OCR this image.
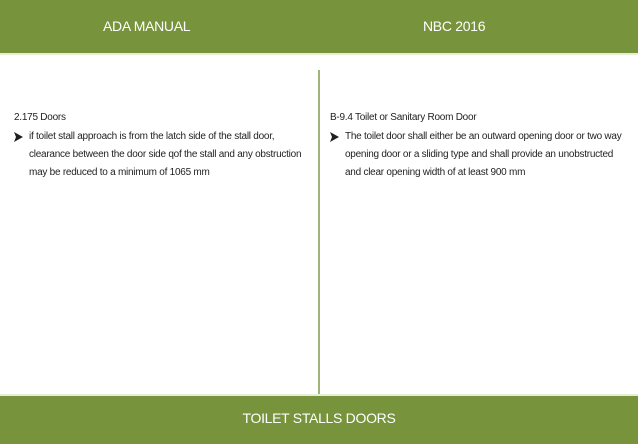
ADA MANUAL	NBC 2016
2.175 Doors
if toilet stall approach is from the latch side of the stall door, clearance between the door side qof the stall and any obstruction may be reduced to a minimum of 1065 mm
B-9.4 Toilet or Sanitary Room Door
The toilet door shall either be an outward opening door or two way opening door or a sliding type and shall provide an unobstructed and clear opening width of at least 900 mm
TOILET STALLS DOORS
